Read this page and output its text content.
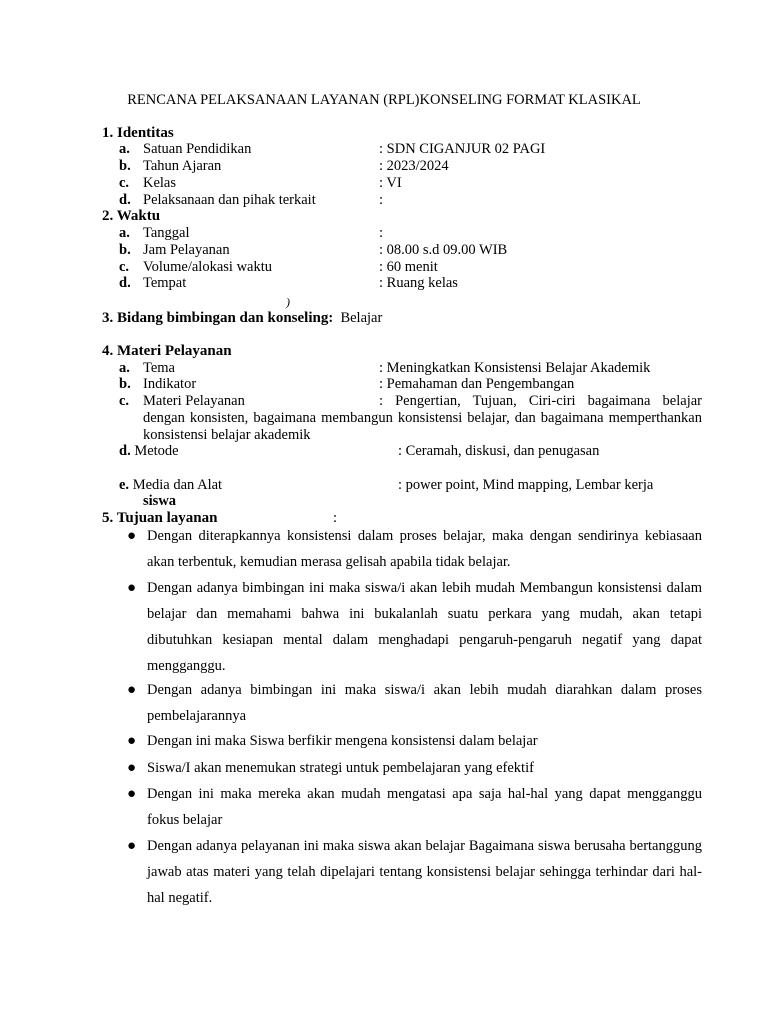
RENCANA PELAKSANAAN LAYANAN (RPL)KONSELING FORMAT KLASIKAL
1. Identitas
a. Satuan Pendidikan	: SDN CIGANJUR 02 PAGI
b. Tahun Ajaran	: 2023/2024
c. Kelas	: VI
d. Pelaksanaan dan pihak terkait	:
2. Waktu
a. Tanggal	:
b. Jam Pelayanan	: 08.00 s.d 09.00 WIB
c. Volume/alokasi waktu	: 60 menit
d. Tempat	: Ruang kelas
)
3. Bidang bimbingan dan konseling: Belajar
4. Materi Pelayanan
a. Tema	: Meningkatkan Konsistensi Belajar Akademik
b. Indikator	: Pemahaman dan Pengembangan
c. Materi Pelayanan	: Pengertian, Tujuan, Ciri-ciri bagaimana belajar
dengan konsisten, bagaimana membangun konsistensi belajar, dan bagaimana memperthankan konsistensi belajar akademik
d. Metode	: Ceramah, diskusi, dan penugasan
e. Media dan Alat	: power point, Mind mapping, Lembar kerja
siswa
5. Tujuan layanan	:
● Dengan diterapkannya konsistensi dalam proses belajar, maka dengan sendirinya kebiasaan akan terbentuk, kemudian merasa gelisah apabila tidak belajar.
● Dengan adanya bimbingan ini maka siswa/i akan lebih mudah Membangun konsistensi dalam belajar dan memahami bahwa ini bukalanlah suatu perkara yang mudah, akan tetapi dibutuhkan kesiapan mental dalam menghadapi pengaruh-pengaruh negatif yang dapat mengganggu.
● Dengan adanya bimbingan ini maka siswa/i akan lebih mudah diarahkan dalam proses pembelajarannya
● Dengan ini maka Siswa berfikir mengena konsistensi dalam belajar
● Siswa/I akan menemukan strategi untuk pembelajaran yang efektif
● Dengan ini maka mereka akan mudah mengatasi apa saja hal-hal yang dapat mengganggu fokus belajar
● Dengan adanya pelayanan ini maka siswa akan belajar Bagaimana siswa berusaha bertanggung jawab atas materi yang telah dipelajari tentang konsistensi belajar sehingga terhindar dari hal-hal negatif.
